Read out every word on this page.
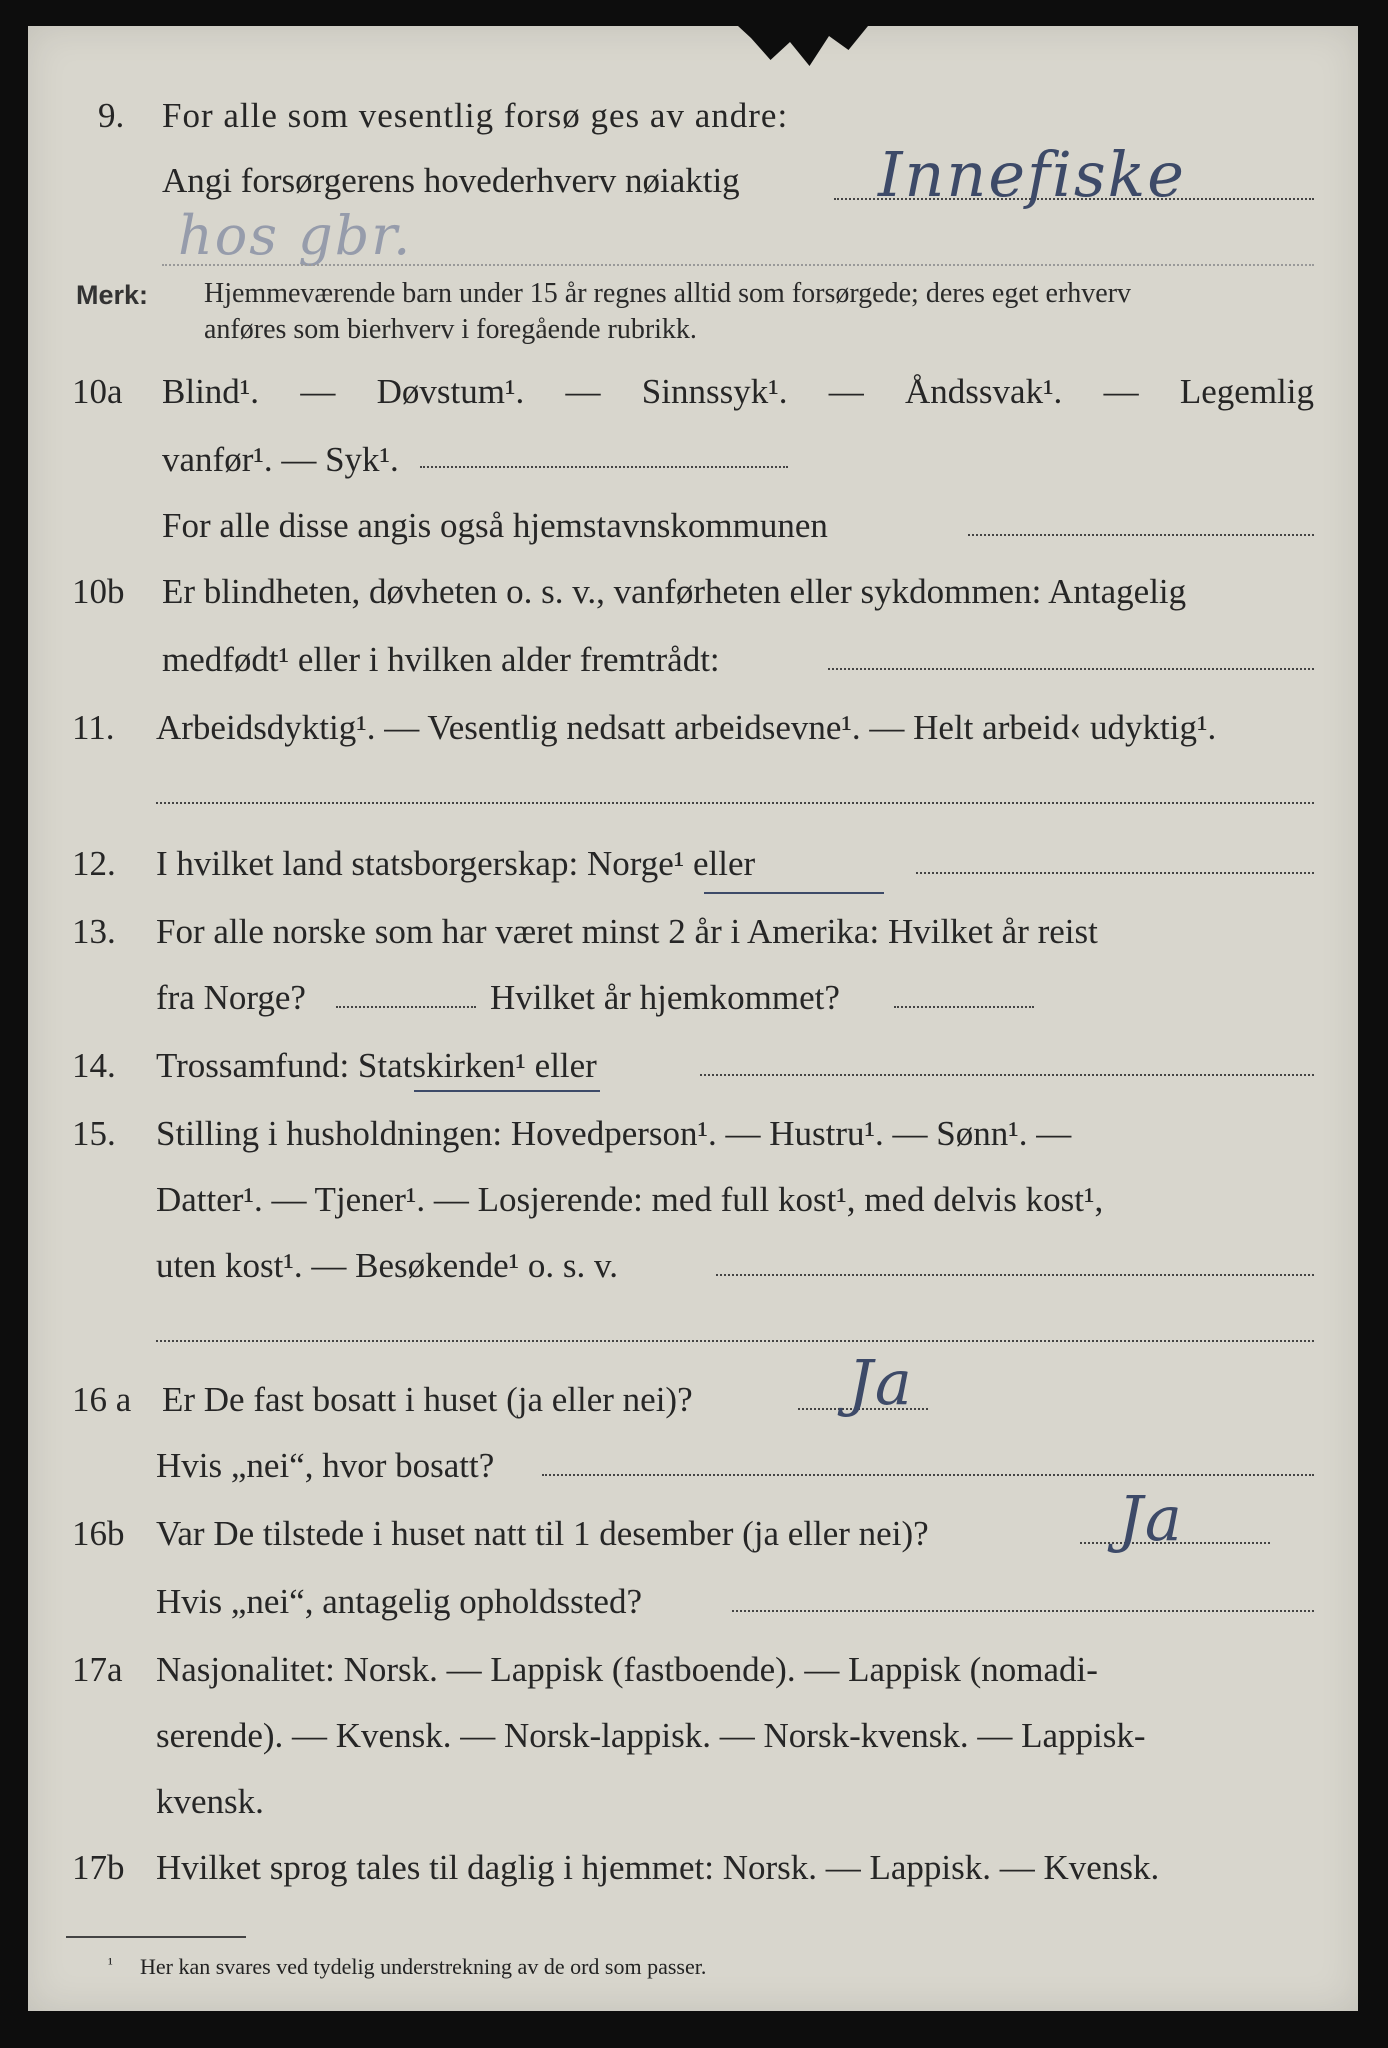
9. For alle som vesentlig forsø ges av andre:
Angi forsørgerens hovederhverv nøiaktig Innefiske
hos gbr.
Merk: Hjemmeværende barn under 15 år regnes alltid som forsørgede; deres eget erhverv
anføres som bierhverv i foregående rubrikk.
10a Blind¹. — Døvstum¹. — Sinnssyk¹. — Åndssvak¹. — Legemlig
vanfør¹. — Syk¹.
For alle disse angis også hjemstavnskommunen
10b Er blindheten, døvheten o. s. v., vanførheten eller sykdommen: Antagelig
medfødt¹ eller i hvilken alder fremtrådt:
11. Arbeidsdyktig¹. — Vesentlig nedsatt arbeidsevne¹. — Helt arbeid‹ udyktig¹.
12. I hvilket land statsborgerskap: Norge¹ eller
13. For alle norske som har været minst 2 år i Amerika: Hvilket år reist
fra Norge?	Hvilket år hjemkommet?
14. Trossamfund: Statskirken¹ eller
15. Stilling i husholdningen: Hovedperson¹. — Hustru¹. — Sønn¹. —
Datter¹. — Tjener¹. — Losjerende: med full kost¹, med delvis kost¹,
uten kost¹. — Besøkende¹ o. s. v.
16 a Er De fast bosatt i huset (ja eller nei)?	Ja
Hvis „nei“, hvor bosatt?
16b Var De tilstede i huset natt til 1 desember (ja eller nei)?	Ja
Hvis „nei“, antagelig opholdssted?
17a Nasjonalitet: Norsk. — Lappisk (fastboende). — Lappisk (nomadi-
serende). — Kvensk. — Norsk-lappisk. — Norsk-kvensk. — Lappisk-
kvensk.
17b Hvilket sprog tales til daglig i hjemmet: Norsk. — Lappisk. — Kvensk.
¹ Her kan svares ved tydelig understrekning av de ord som passer.
